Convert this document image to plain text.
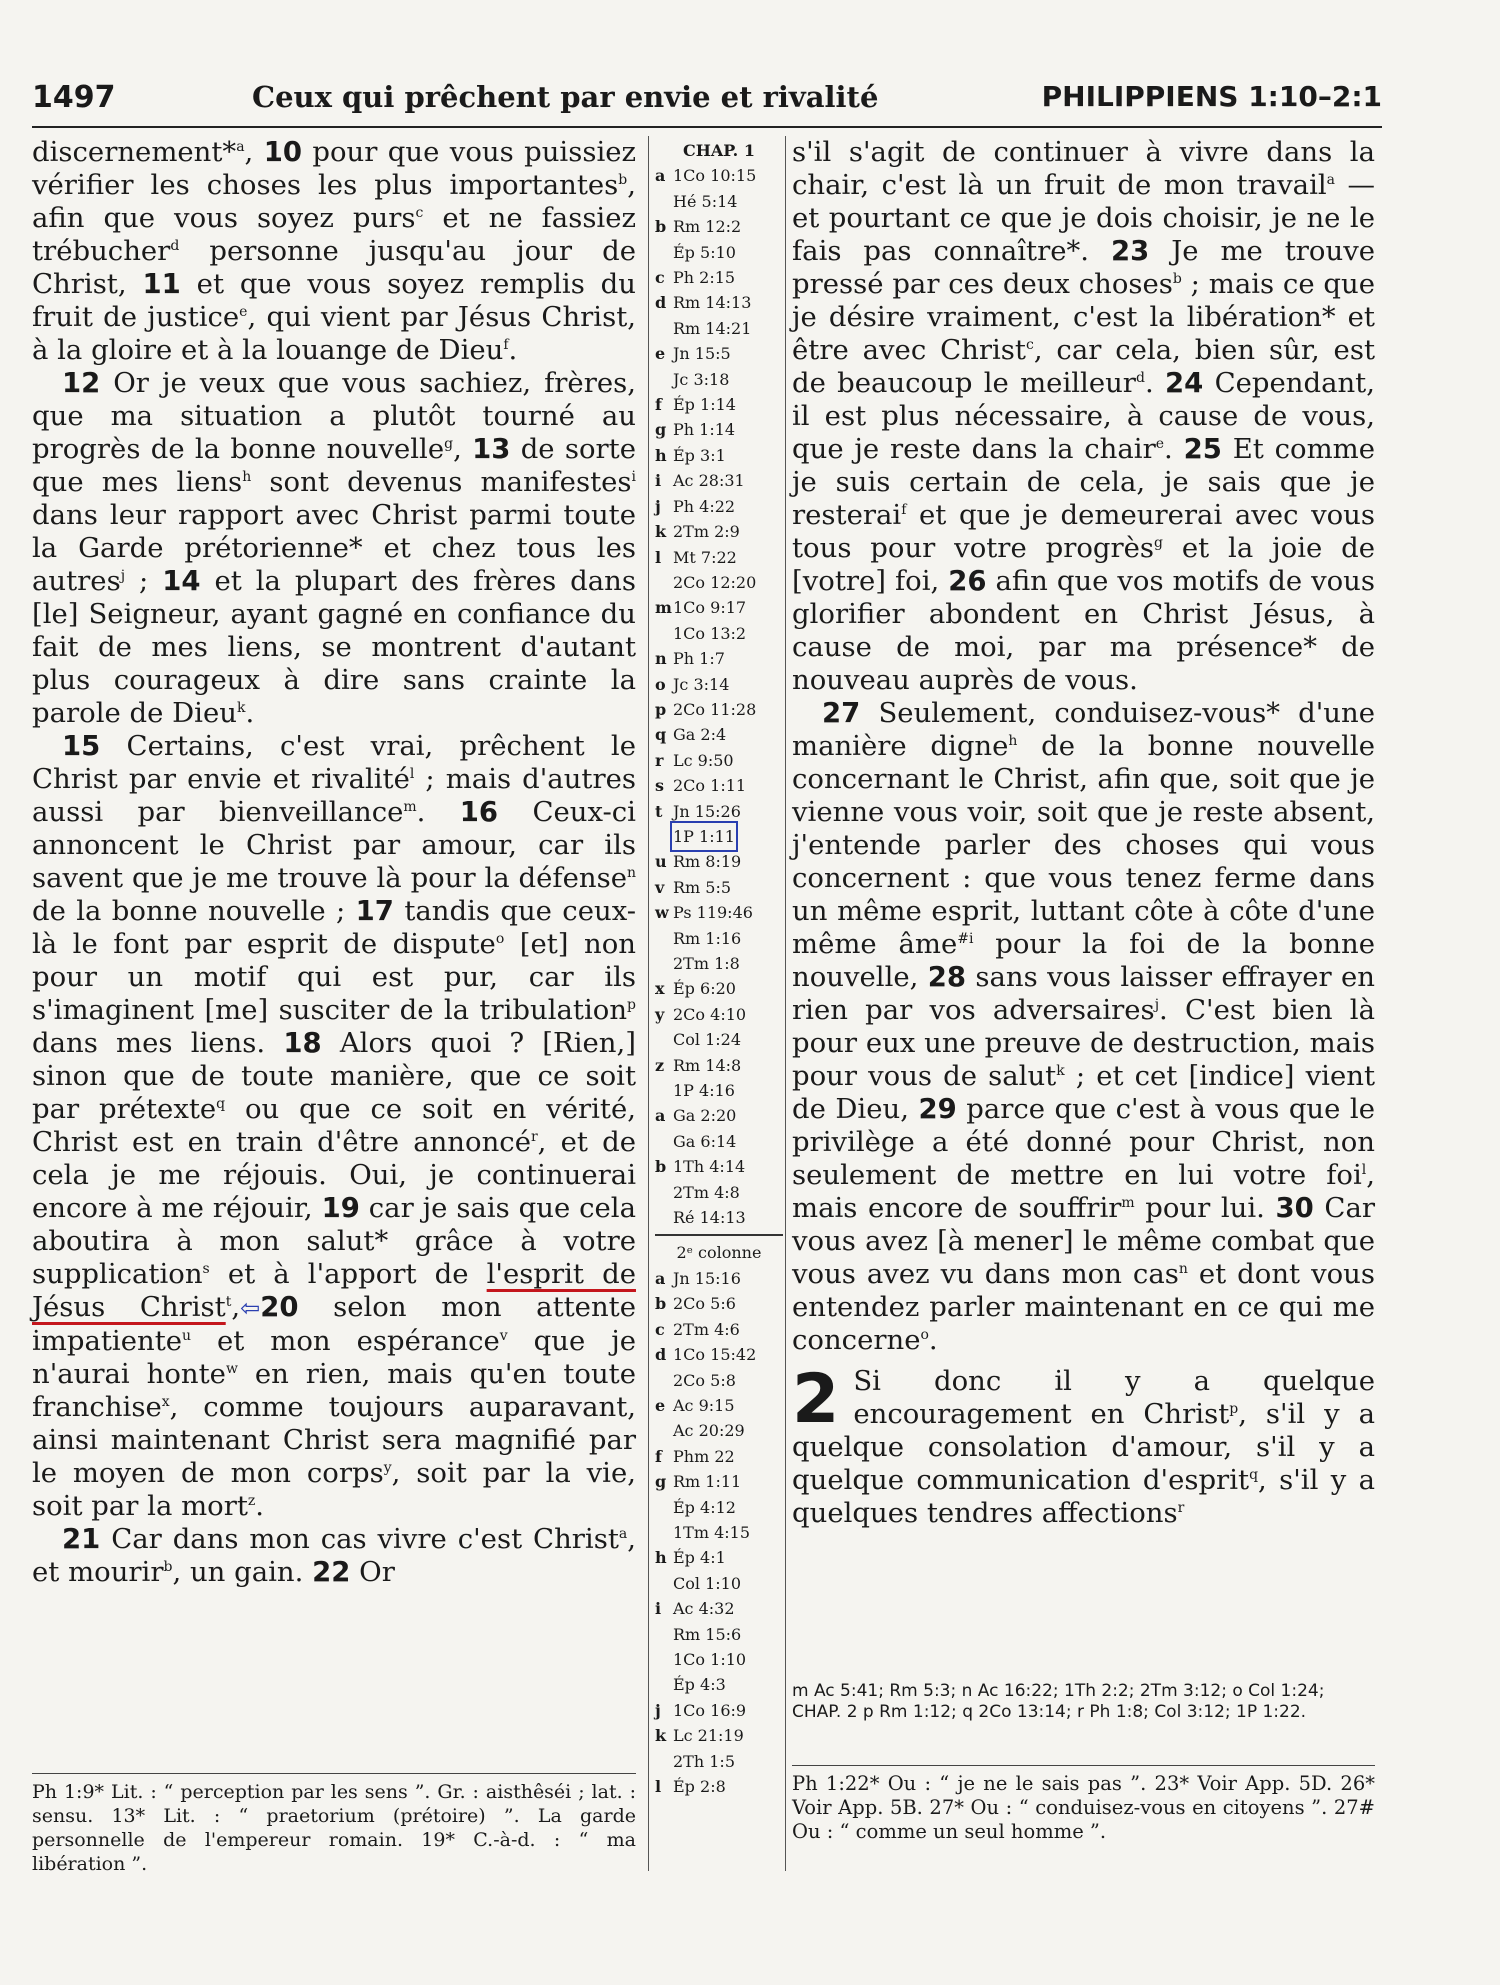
1497	Ceux qui prêchent par envie et rivalité	PHILIPPIENS 1:10–2:1

discernement*$^a$, 10 pour que vous puissiez vérifier les choses les plus importantes$^b$, afin que vous soyez purs$^c$ et ne fassiez trébucher$^d$ personne jusqu'au jour de Christ, 11 et que vous soyez remplis du fruit de justice$^e$, qui vient par Jésus Christ, à la gloire et à la louange de Dieu$^f$.

12 Or je veux que vous sachiez, frères, que ma situation a plutôt tourné au progrès de la bonne nouvelle$^g$, 13 de sorte que mes liens$^h$ sont devenus manifestes$^i$ dans leur rapport avec Christ parmi toute la Garde prétorienne* et chez tous les autres$^j$ ; 14 et la plupart des frères dans [le] Seigneur, ayant gagné en confiance du fait de mes liens, se montrent d'autant plus courageux à dire sans crainte la parole de Dieu$^k$.

15 Certains, c'est vrai, prêchent le Christ par envie et rivalité$^l$ ; mais d'autres aussi par bienveillance$^m$. 16 Ceux-ci annoncent le Christ par amour, car ils savent que je me trouve là pour la défense$^n$ de la bonne nouvelle ; 17 tandis que ceux-là le font par esprit de dispute$^o$ [et] non pour un motif qui est pur, car ils s'imaginent [me] susciter de la tribulation$^p$ dans mes liens. 18 Alors quoi ? [Rien,] sinon que de toute manière, que ce soit par prétexte$^q$ ou que ce soit en vérité, Christ est en train d'être annoncé$^r$, et de cela je me réjouis. Oui, je continuerai encore à me réjouir, 19 car je sais que cela aboutira à mon salut* grâce à votre supplication$^s$ et à l'apport de l'esprit de Jésus Christ$^t$,⇦20 selon mon attente impatiente$^u$ et mon espérance$^v$ que je n'aurai honte$^w$ en rien, mais qu'en toute franchise$^x$, comme toujours auparavant, ainsi maintenant Christ sera magnifié par le moyen de mon corps$^y$, soit par la vie, soit par la mort$^z$.

21 Car dans mon cas vivre c'est Christ$^a$, et mourir$^b$, un gain. 22 Or

CHAP. 1
a 1Co 10:15
Hé 5:14
b Rm 12:2
Ép 5:10
c Ph 2:15
d Rm 14:13
Rm 14:21
e Jn 15:5
Jc 3:18
f Ép 1:14
g Ph 1:14
h Ép 3:1
i Ac 28:31
j Ph 4:22
k 2Tm 2:9
l Mt 7:22
2Co 12:20
m 1Co 9:17
1Co 13:2
n Ph 1:7
o Jc 3:14
p 2Co 11:28
q Ga 2:4
r Lc 9:50
s 2Co 1:11
t Jn 15:26
1P 1:11
u Rm 8:19
v Rm 5:5
w Ps 119:46
Rm 1:16
2Tm 1:8
x Ép 6:20
y 2Co 4:10
Col 1:24
z Rm 14:8
1P 4:16
a Ga 2:20
Ga 6:14
b 1Th 4:14
2Tm 4:8
Ré 14:13
2ᵉ colonne
a Jn 15:16
b 2Co 5:6
c 2Tm 4:6
d 1Co 15:42
2Co 5:8
e Ac 9:15
Ac 20:29
f Phm 22
g Rm 1:11
Ép 4:12
1Tm 4:15
h Ép 4:1
Col 1:10
i Ac 4:32
Rm 15:6
1Co 1:10
Ép 4:3
j 1Co 16:9
k Lc 21:19
2Th 1:5
l Ép 2:8

s'il s'agit de continuer à vivre dans la chair, c'est là un fruit de mon travail$^a$ — et pourtant ce que je dois choisir, je ne le fais pas connaître*. 23 Je me trouve pressé par ces deux choses$^b$ ; mais ce que je désire vraiment, c'est la libération* et être avec Christ$^c$, car cela, bien sûr, est de beaucoup le meilleur$^d$. 24 Cependant, il est plus nécessaire, à cause de vous, que je reste dans la chair$^e$. 25 Et comme je suis certain de cela, je sais que je resterai$^f$ et que je demeurerai avec vous tous pour votre progrès$^g$ et la joie de [votre] foi, 26 afin que vos motifs de vous glorifier abondent en Christ Jésus, à cause de moi, par ma présence* de nouveau auprès de vous.

27 Seulement, conduisez-vous* d'une manière digne$^h$ de la bonne nouvelle concernant le Christ, afin que, soit que je vienne vous voir, soit que je reste absent, j'entende parler des choses qui vous concernent : que vous tenez ferme dans un même esprit, luttant côte à côte d'une même âme$^{\#i}$ pour la foi de la bonne nouvelle, 28 sans vous laisser effrayer en rien par vos adversaires$^j$. C'est bien là pour eux une preuve de destruction, mais pour vous de salut$^k$ ; et cet [indice] vient de Dieu, 29 parce que c'est à vous que le privilège a été donné pour Christ, non seulement de mettre en lui votre foi$^l$, mais encore de souffrir$^m$ pour lui. 30 Car vous avez [à mener] le même combat que vous avez vu dans mon cas$^n$ et dont vous entendez parler maintenant en ce qui me concerne$^o$.

2 Si donc il y a quelque encouragement en Christ$^p$, s'il y a quelque consolation d'amour, s'il y a quelque communication d'esprit$^q$, s'il y a quelques tendres affections$^r$

m Ac 5:41; Rm 5:3; n Ac 16:22; 1Th 2:2; 2Tm 3:12; o Col 1:24; CHAP. 2 p Rm 1:12; q 2Co 13:14; r Ph 1:8; Col 3:12; 1P 1:22.
Ph 1:9* Lit. : “ perception par les sens ”. Gr. : aisthêséi ; lat. : sensu. 13* Lit. : “ praetorium (prétoire) ”. La garde personnelle de l'empereur romain. 19* C.-à-d. : “ ma libération ”.
Ph 1:22* Ou : “ je ne le sais pas ”. 23* Voir App. 5D. 26* Voir App. 5B. 27* Ou : “ conduisez-vous en citoyens ”. 27# Ou : “ comme un seul homme ”.
